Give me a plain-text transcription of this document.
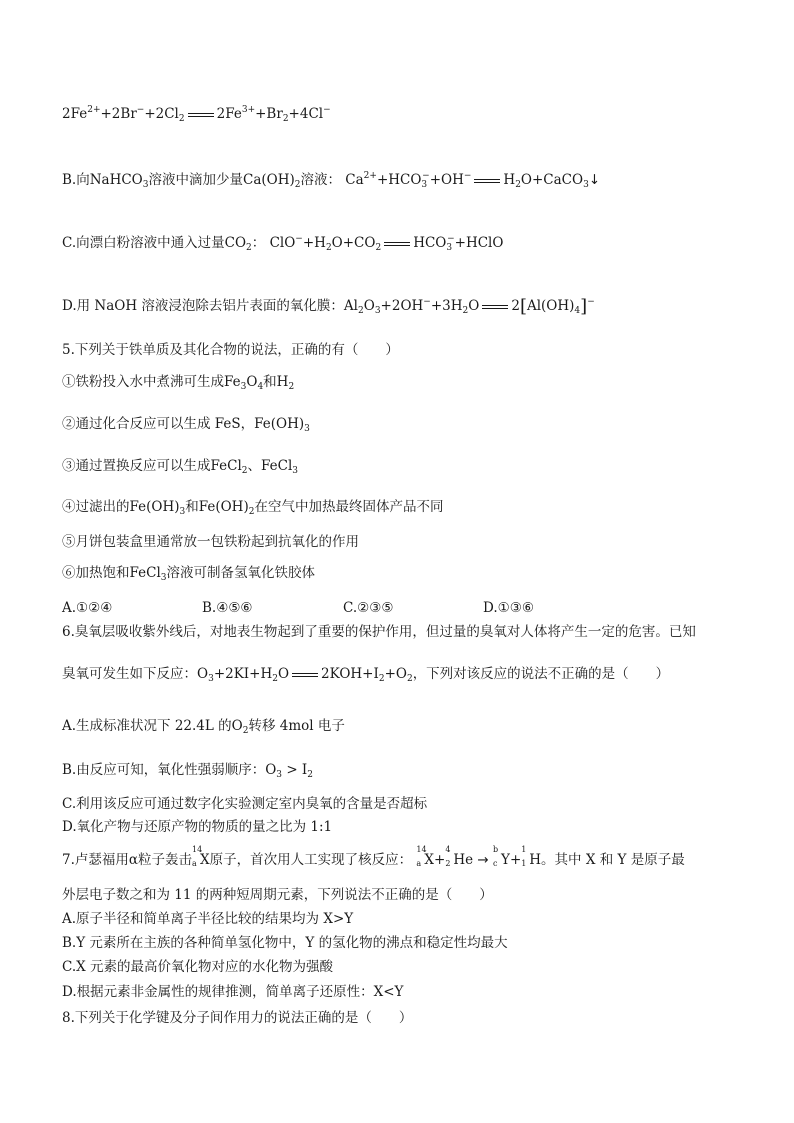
$2Fe^{2+}+2Br^-+2Cl_2$ $2Fe^{3+}+Br_2+4Cl^-$
B.向NaHCO$_3$溶液中滴加少量$Ca(OH)_2$溶液： $Ca^{2+}+HCO_3^-+OH^-$ $H_2O+CaCO_3↓$
C.向漂白粉溶液中通入过量$CO_2$： $ClO^-+H_2O+CO_2$ $HCO_3^-+HClO$
D.用 NaOH 溶液浸泡除去铝片表面的氧化膜：$Al_2O_3+2OH^-+3H_2O$ $2[Al(OH)_4]^-$
5.下列关于铁单质及其化合物的说法，正确的有（　　）
①铁粉投入水中煮沸可生成$Fe_3O_4$和$H_2$
②通过化合反应可以生成 FeS，$Fe(OH)_3$
③通过置换反应可以生成FeCl$_2$、FeCl$_3$
④过滤出的$Fe(OH)_3$和$Fe(OH)_2$在空气中加热最终固体产品不同
⑤月饼包装盒里通常放一包铁粉起到抗氧化的作用
⑥加热饱和FeCl$_3$溶液可制备氢氧化铁胶体
A.①②④	B.④⑤⑥	C.②③⑤	D.①③⑥
6.臭氧层吸收紫外线后，对地表生物起到了重要的保护作用，但过量的臭氧对人体将产生一定的危害。已知
臭氧可发生如下反应：$O_3+2KI+H_2O$ $2KOH+I_2+O_2$，下列对该反应的说法不正确的是（　　）
A.生成标准状况下 22.4L 的$O_2$转移 4mol 电子
B.由反应可知，氧化性强弱顺序：$O_3 > I_2$
C.利用该反应可通过数字化实验测定室内臭氧的含量是否超标
D.氧化产物与还原产物的物质的量之比为 1:1
7.卢瑟福用α粒子轰击
14
a X原子，首次用人工实现了核反应：
14
a X+
4
2 He →
b
c Y+
1
1 H。其中 X 和 Y 是原子最
外层电子数之和为 11 的两种短周期元素，下列说法不正确的是（　　）
A.原子半径和简单离子半径比较的结果均为 X>Y
B.Y 元素所在主族的各种简单氢化物中，Y 的氢化物的沸点和稳定性均最大
C.X 元素的最高价氧化物对应的水化物为强酸
D.根据元素非金属性的规律推测，简单离子还原性：X<Y
8.下列关于化学键及分子间作用力的说法正确的是（　　）
